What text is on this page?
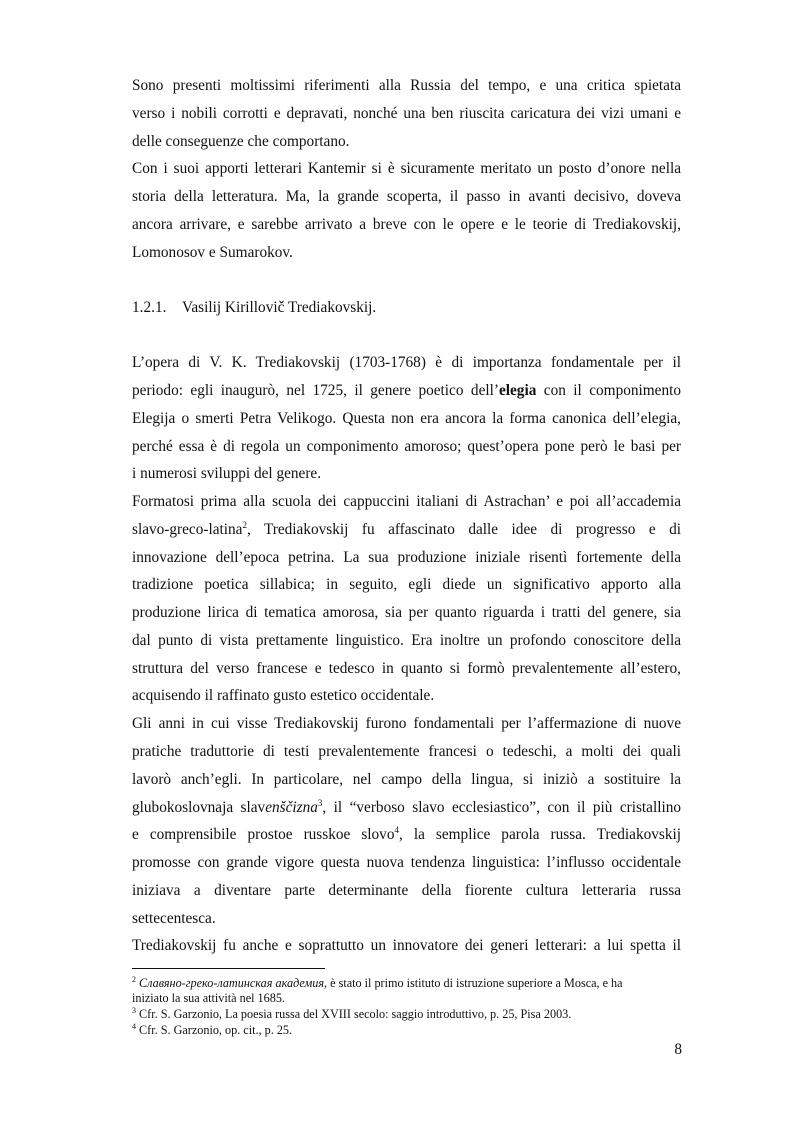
Sono presenti moltissimi riferimenti alla Russia del tempo, e una critica spietata
verso i nobili corrotti e depravati, nonché una ben riuscita caricatura dei vizi umani e
delle conseguenze che comportano.
Con i suoi apporti letterari Kantemir si è sicuramente meritato un posto d’onore nella
storia della letteratura. Ma, la grande scoperta, il passo in avanti decisivo, doveva
ancora arrivare, e sarebbe arrivato a breve con le opere e le teorie di Trediakovskij,
Lomonosov e Sumarokov.
1.2.1. Vasilij Kirillovič Trediakovskij.
L’opera di V. K. Trediakovskij (1703-1768) è di importanza fondamentale per il
periodo: egli inaugurò, nel 1725, il genere poetico dell’elegia con il componimento
Elegija o smerti Petra Velikogo. Questa non era ancora la forma canonica dell’elegia,
perché essa è di regola un componimento amoroso; quest’opera pone però le basi per
i numerosi sviluppi del genere.
Formatosi prima alla scuola dei cappuccini italiani di Astrachan’ e poi all’accademia
slavo-greco-latina$^2$, Trediakovskij fu affascinato dalle idee di progresso e di
innovazione dell’epoca petrina. La sua produzione iniziale risentì fortemente della
tradizione poetica sillabica; in seguito, egli diede un significativo apporto alla
produzione lirica di tematica amorosa, sia per quanto riguarda i tratti del genere, sia
dal punto di vista prettamente linguistico. Era inoltre un profondo conoscitore della
struttura del verso francese e tedesco in quanto si formò prevalentemente all’estero,
acquisendo il raffinato gusto estetico occidentale.
Gli anni in cui visse Trediakovskij furono fondamentali per l’affermazione di nuove
pratiche traduttorie di testi prevalentemente francesi o tedeschi, a molti dei quali
lavorò anch’egli. In particolare, nel campo della lingua, si iniziò a sostituire la
glubokoslovnaja slavenščizna$^3$, il “verboso slavo ecclesiastico”, con il più cristallino
e comprensibile prostoe russkoe slovo$^4$, la semplice parola russa. Trediakovskij
promosse con grande vigore questa nuova tendenza linguistica: l’influsso occidentale
iniziava a diventare parte determinante della fiorente cultura letteraria russa
settecentesca.
Trediakovskij fu anche e soprattutto un innovatore dei generi letterari: a lui spetta il
$^2$ Славяно-греко-латинская академия, è stato il primo istituto di istruzione superiore a Mosca, e ha
iniziato la sua attività nel 1685.
$^3$ Cfr. S. Garzonio, La poesia russa del XVIII secolo: saggio introduttivo, p. 25, Pisa 2003.
$^4$ Cfr. S. Garzonio, op. cit., p. 25.
8
